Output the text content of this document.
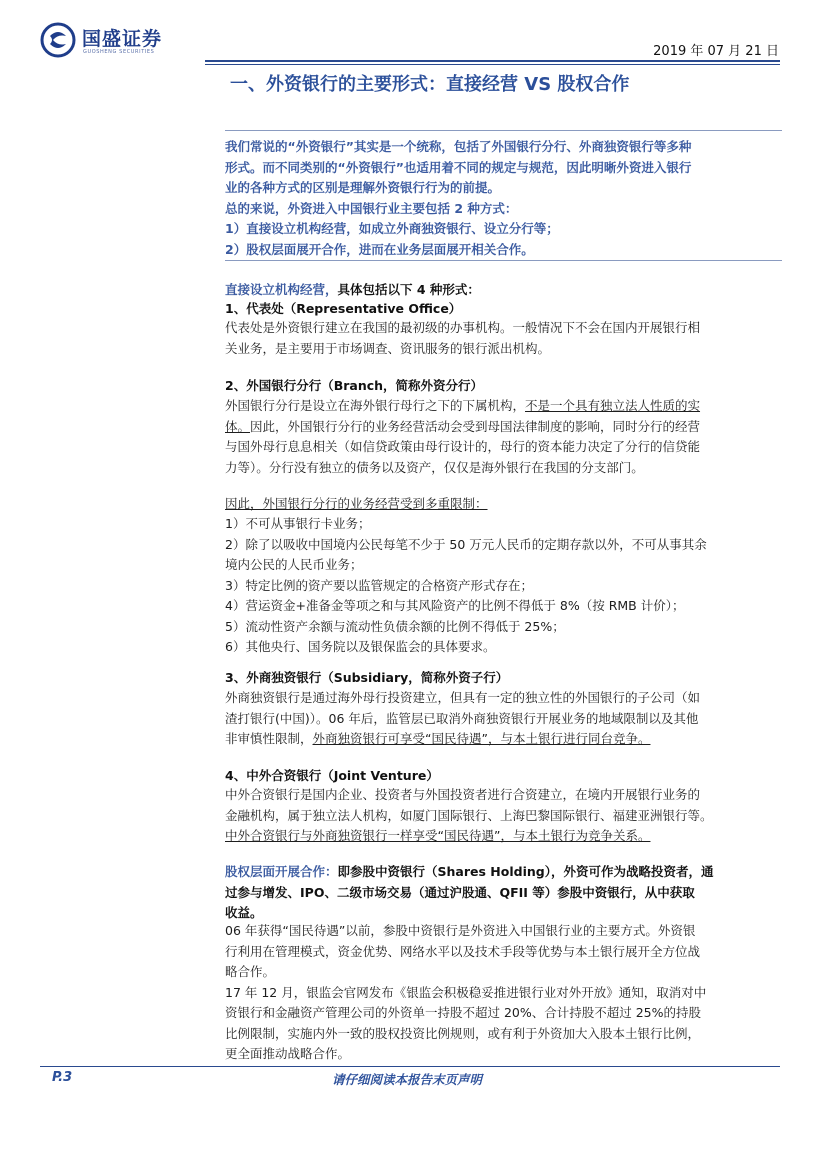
国盛证券
GUOSHENG SECURITIES	2019 年 07 月 21 日
一、外资银行的主要形式：直接经营 VS 股权合作
我们常说的“外资银行”其实是一个统称，包括了外国银行分行、外商独资银行等多种
形式。而不同类别的“外资银行”也适用着不同的规定与规范，因此明晰外资进入银行
业的各种方式的区别是理解外资银行行为的前提。
总的来说，外资进入中国银行业主要包括 2 种方式：
1）直接设立机构经营，如成立外商独资银行、设立分行等；
2）股权层面展开合作，进而在业务层面展开相关合作。
直接设立机构经营，具体包括以下 4 种形式：
1、代表处（Representative Office）
代表处是外资银行建立在我国的最初级的办事机构。一般情况下不会在国内开展银行相
关业务，是主要用于市场调查、资讯服务的银行派出机构。
2、外国银行分行（Branch，简称外资分行）
外国银行分行是设立在海外银行母行之下的下属机构，不是一个具有独立法人性质的实
体。因此，外国银行分行的业务经营活动会受到母国法律制度的影响，同时分行的经营
与国外母行息息相关（如信贷政策由母行设计的，母行的资本能力决定了分行的信贷能
力等）。分行没有独立的债务以及资产，仅仅是海外银行在我国的分支部门。
因此，外国银行分行的业务经营受到多重限制：
1）不可从事银行卡业务；
2）除了以吸收中国境内公民每笔不少于 50 万元人民币的定期存款以外，不可从事其余
境内公民的人民币业务；
3）特定比例的资产要以监管规定的合格资产形式存在；
4）营运资金+准备金等项之和与其风险资产的比例不得低于 8%（按 RMB 计价）；
5）流动性资产余额与流动性负债余额的比例不得低于 25%；
6）其他央行、国务院以及银保监会的具体要求。
3、外商独资银行（Subsidiary，简称外资子行）
外商独资银行是通过海外母行投资建立，但具有一定的独立性的外国银行的子公司（如
渣打银行(中国)）。06 年后，监管层已取消外商独资银行开展业务的地域限制以及其他
非审慎性限制，外商独资银行可享受“国民待遇”，与本土银行进行同台竞争。
4、中外合资银行（Joint Venture）
中外合资银行是国内企业、投资者与外国投资者进行合资建立，在境内开展银行业务的
金融机构，属于独立法人机构，如厦门国际银行、上海巴黎国际银行、福建亚洲银行等。
中外合资银行与外商独资银行一样享受“国民待遇”，与本土银行为竞争关系。
股权层面开展合作：即参股中资银行（Shares Holding），外资可作为战略投资者，通
过参与增发、IPO、二级市场交易（通过沪股通、QFII 等）参股中资银行，从中获取
收益。
06 年获得“国民待遇”以前，参股中资银行是外资进入中国银行业的主要方式。外资银
行利用在管理模式，资金优势、网络水平以及技术手段等优势与本土银行展开全方位战
略合作。
17 年 12 月，银监会官网发布《银监会积极稳妥推进银行业对外开放》通知，取消对中
资银行和金融资产管理公司的外资单一持股不超过 20%、合计持股不超过 25%的持股
比例限制，实施内外一致的股权投资比例规则，或有利于外资加大入股本土银行比例，
更全面推动战略合作。
P.3	请仔细阅读本报告末页声明
